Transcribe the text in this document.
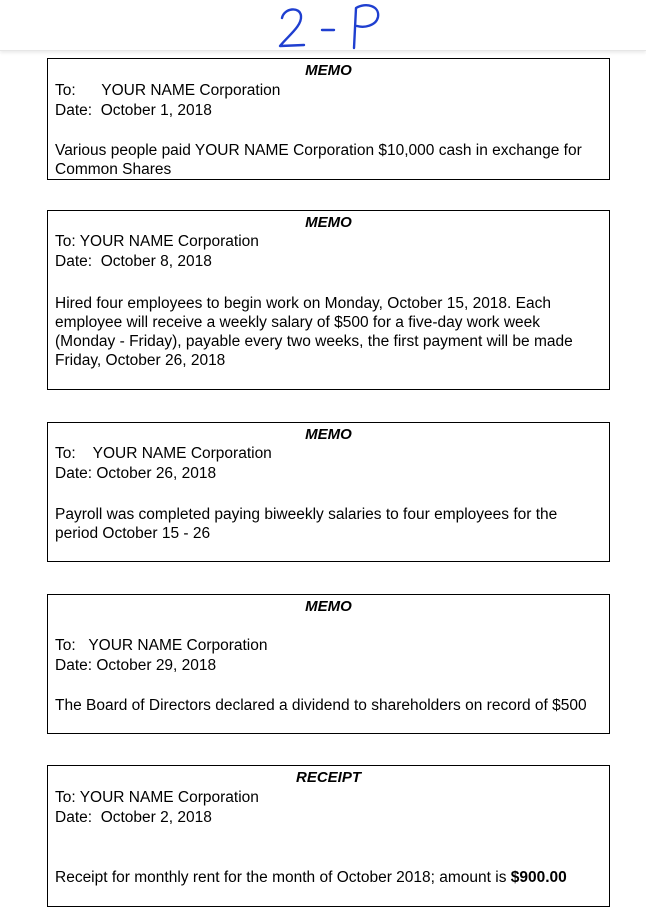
MEMO
To: YOUR NAME Corporation
Date: October 1, 2018
Various people paid YOUR NAME Corporation $10,000 cash in exchange for Common Shares
MEMO
To: YOUR NAME Corporation
Date: October 8, 2018
Hired four employees to begin work on Monday, October 15, 2018. Each employee will receive a weekly salary of $500 for a five-day work week (Monday - Friday), payable every two weeks, the first payment will be made Friday, October 26, 2018
MEMO
To: YOUR NAME Corporation
Date: October 26, 2018
Payroll was completed paying biweekly salaries to four employees for the period October 15 - 26
MEMO
To: YOUR NAME Corporation
Date: October 29, 2018
The Board of Directors declared a dividend to shareholders on record of $500
RECEIPT
To: YOUR NAME Corporation
Date: October 2, 2018
Receipt for monthly rent for the month of October 2018; amount is $900.00
